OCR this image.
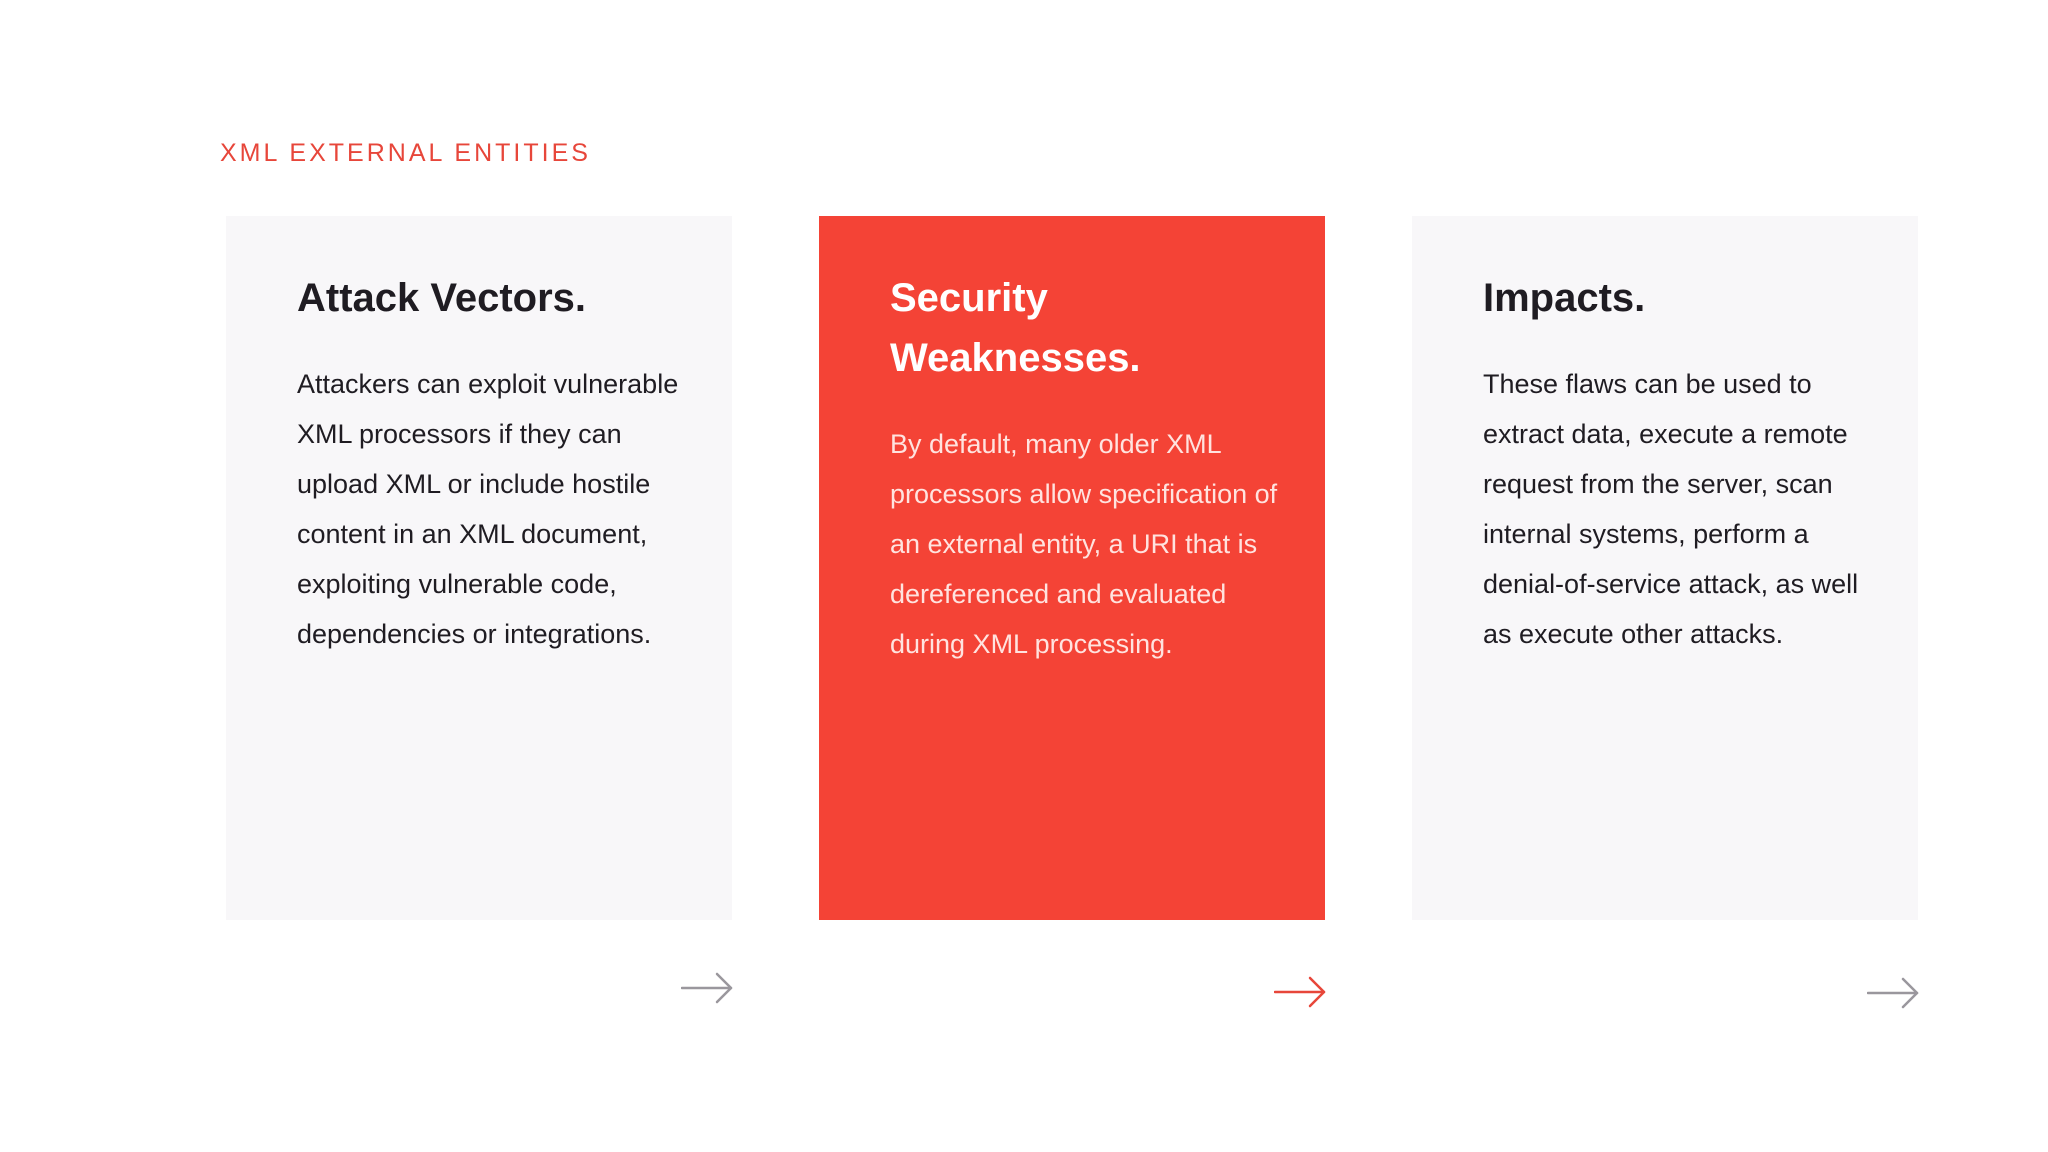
XML EXTERNAL ENTITIES
Attack Vectors.

Attackers can exploit vulnerable XML processors if they can upload XML or include hostile content in an XML document, exploiting vulnerable code, dependencies or integrations.

Security Weaknesses.

By default, many older XML processors allow specification of an external entity, a URI that is dereferenced and evaluated during XML processing.

Impacts.

These flaws can be used to extract data, execute a remote request from the server, scan internal systems, perform a denial-of-service attack, as well as execute other attacks.
